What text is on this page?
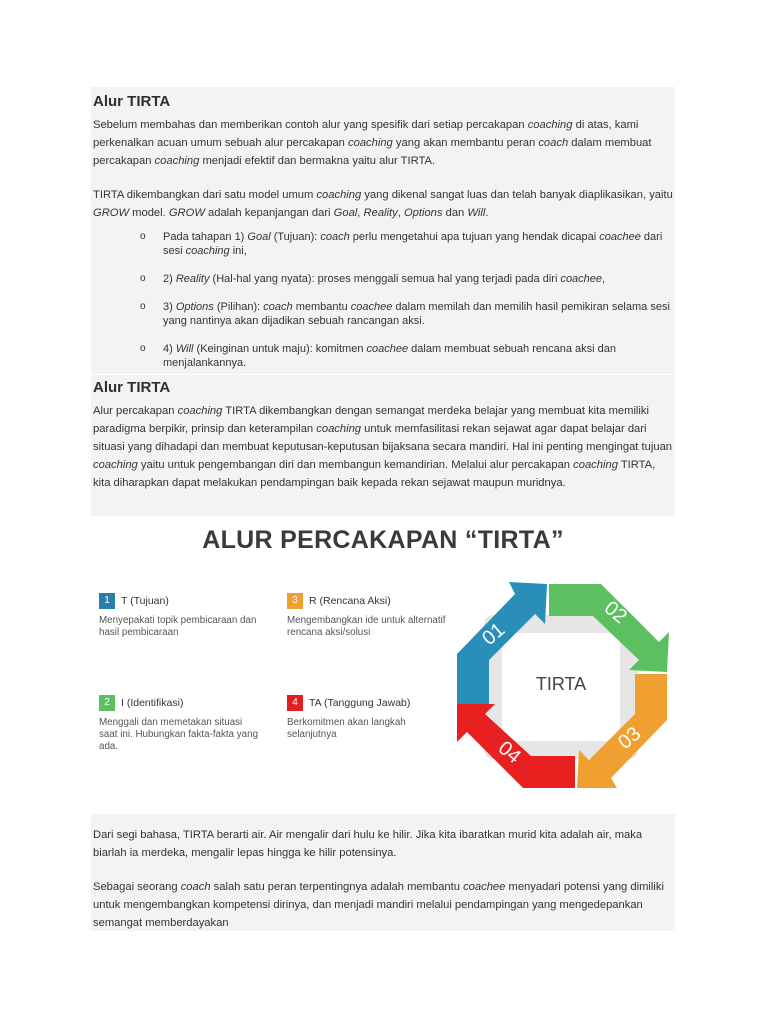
Alur TIRTA

Sebelum membahas dan memberikan contoh alur yang spesifik dari setiap percakapan coaching di atas, kami perkenalkan acuan umum sebuah alur percakapan coaching yang akan membantu peran coach dalam membuat percakapan coaching menjadi efektif dan bermakna yaitu alur TIRTA.

TIRTA dikembangkan dari satu model umum coaching yang dikenal sangat luas dan telah banyak diaplikasikan, yaitu GROW model. GROW adalah kepanjangan dari Goal, Reality, Options dan Will.

o Pada tahapan 1) Goal (Tujuan): coach perlu mengetahui apa tujuan yang hendak dicapai coachee dari sesi coaching ini,
o 2) Reality (Hal-hal yang nyata): proses menggali semua hal yang terjadi pada diri coachee,
o 3) Options (Pilihan): coach membantu coachee dalam memilah dan memilih hasil pemikiran selama sesi yang nantinya akan dijadikan sebuah rancangan aksi.
o 4) Will (Keinginan untuk maju): komitmen coachee dalam membuat sebuah rencana aksi dan menjalankannya.
Alur TIRTA

Alur percakapan coaching TIRTA dikembangkan dengan semangat merdeka belajar yang membuat kita memiliki paradigma berpikir, prinsip dan keterampilan coaching untuk memfasilitasi rekan sejawat agar dapat belajar dari situasi yang dihadapi dan membuat keputusan-keputusan bijaksana secara mandiri. Hal ini penting mengingat tujuan coaching yaitu untuk pengembangan diri dan membangun kemandirian. Melalui alur percakapan coaching TIRTA, kita diharapkan dapat melakukan pendampingan baik kepada rekan sejawat maupun muridnya.

ALUR PERCAKAPAN “TIRTA”
1 T (Tujuan)
Menyepakati topik pembicaraan dan hasil pembicaraan
3 R (Rencana Aksi)
Mengembangkan ide untuk alternatif rencana aksi/solusi
2 I (Identifikasi)
Menggali dan memetakan situasi saat ini. Hubungkan fakta-fakta yang ada.
4 TA (Tanggung Jawab)
Berkomitmen akan langkah selanjutnya
01
02
03
04
TIRTA

Dari segi bahasa, TIRTA berarti air. Air mengalir dari hulu ke hilir. Jika kita ibaratkan murid kita adalah air, maka biarlah ia merdeka, mengalir lepas hingga ke hilir potensinya.

Sebagai seorang coach salah satu peran terpentingnya adalah membantu coachee menyadari potensi yang dimiliki untuk mengembangkan kompetensi dirinya, dan menjadi mandiri melalui pendampingan yang mengedepankan semangat memberdayakan
